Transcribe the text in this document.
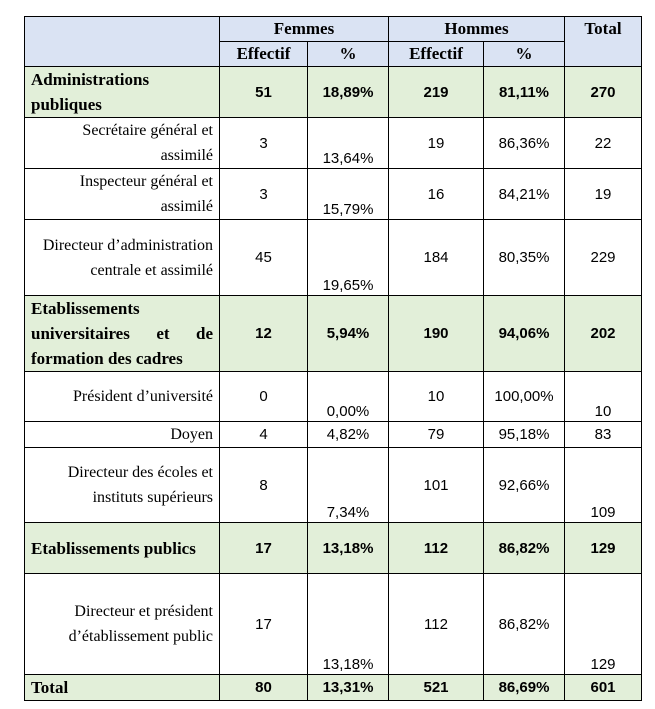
	Femmes		Hommes		Total
	Effectif	%	Effectif	%	
Administrations publiques	51	18,89%	219	81,11%	270
Secrétaire général et assimilé	3	13,64%	19	86,36%	22
Inspecteur général et assimilé	3	15,79%	16	84,21%	19
Directeur d’administration centrale et assimilé	45	19,65%	184	80,35%	229
Etablissements universitaires et de formation des cadres	12	5,94%	190	94,06%	202
Président d’université	0	0,00%	10	100,00%	10
Doyen	4	4,82%	79	95,18%	83
Directeur des écoles et instituts supérieurs	8	7,34%	101	92,66%	109
Etablissements publics	17	13,18%	112	86,82%	129
Directeur et président d’établissement public	17	13,18%	112	86,82%	129
Total	80	13,31%	521	86,69%	601
